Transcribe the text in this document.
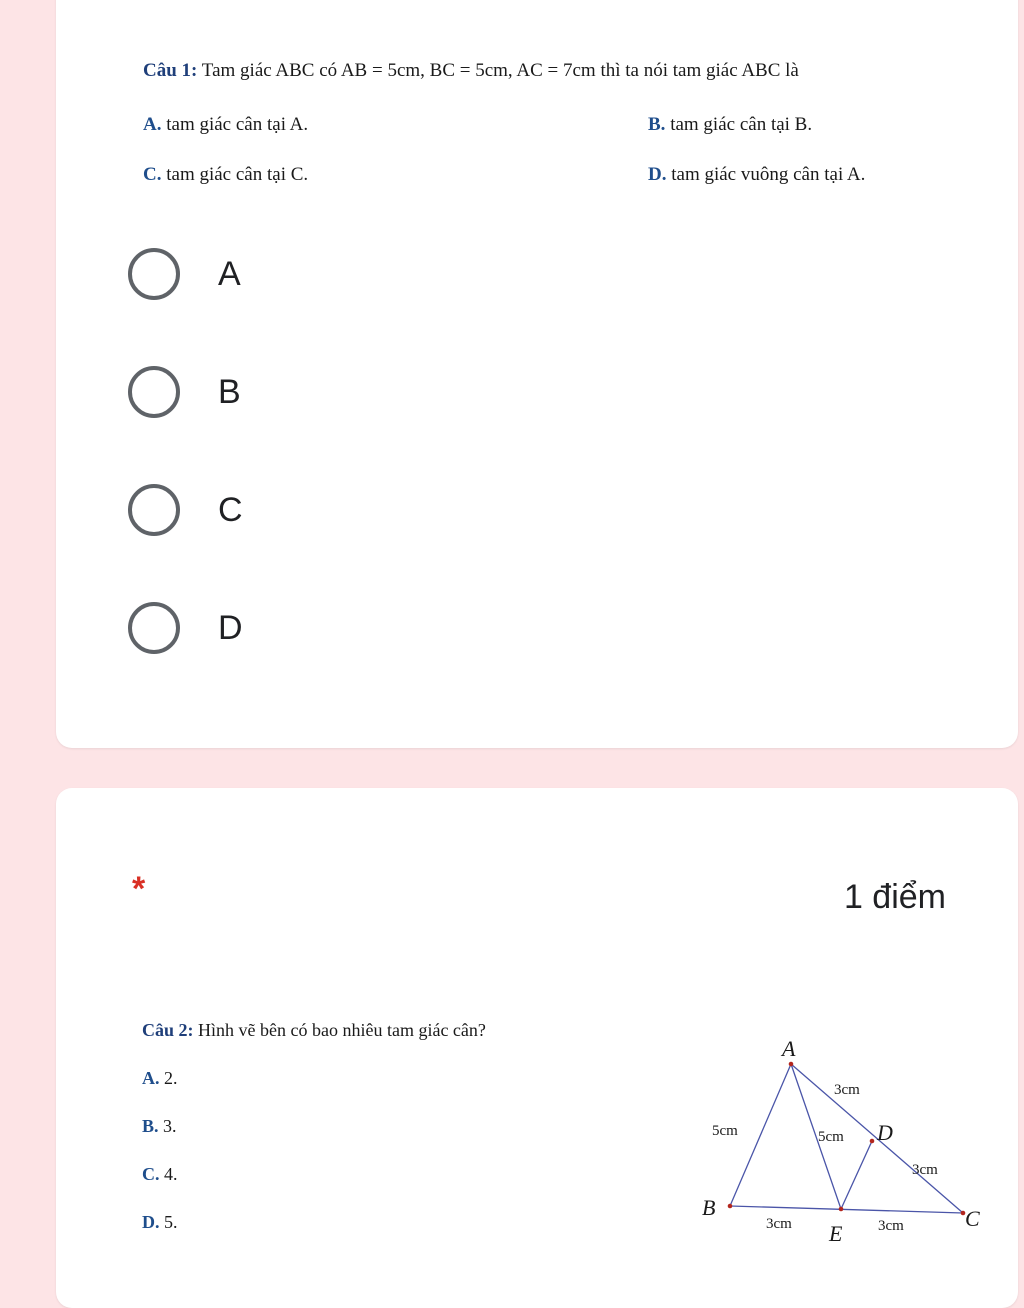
Câu 1: Tam giác ABC có AB = 5cm, BC = 5cm, AC = 7cm thì ta nói tam giác ABC là
A. tam giác cân tại A.	B. tam giác cân tại B.
C. tam giác cân tại C.	D. tam giác vuông cân tại A.
A
B
C
D
*	1 điểm
Câu 2: Hình vẽ bên có bao nhiêu tam giác cân?
A. 2.
B. 3.
C. 4.
D. 5.
A
B	C
D
E
3cm
5cm	5cm
3cm
3cm	3cm
